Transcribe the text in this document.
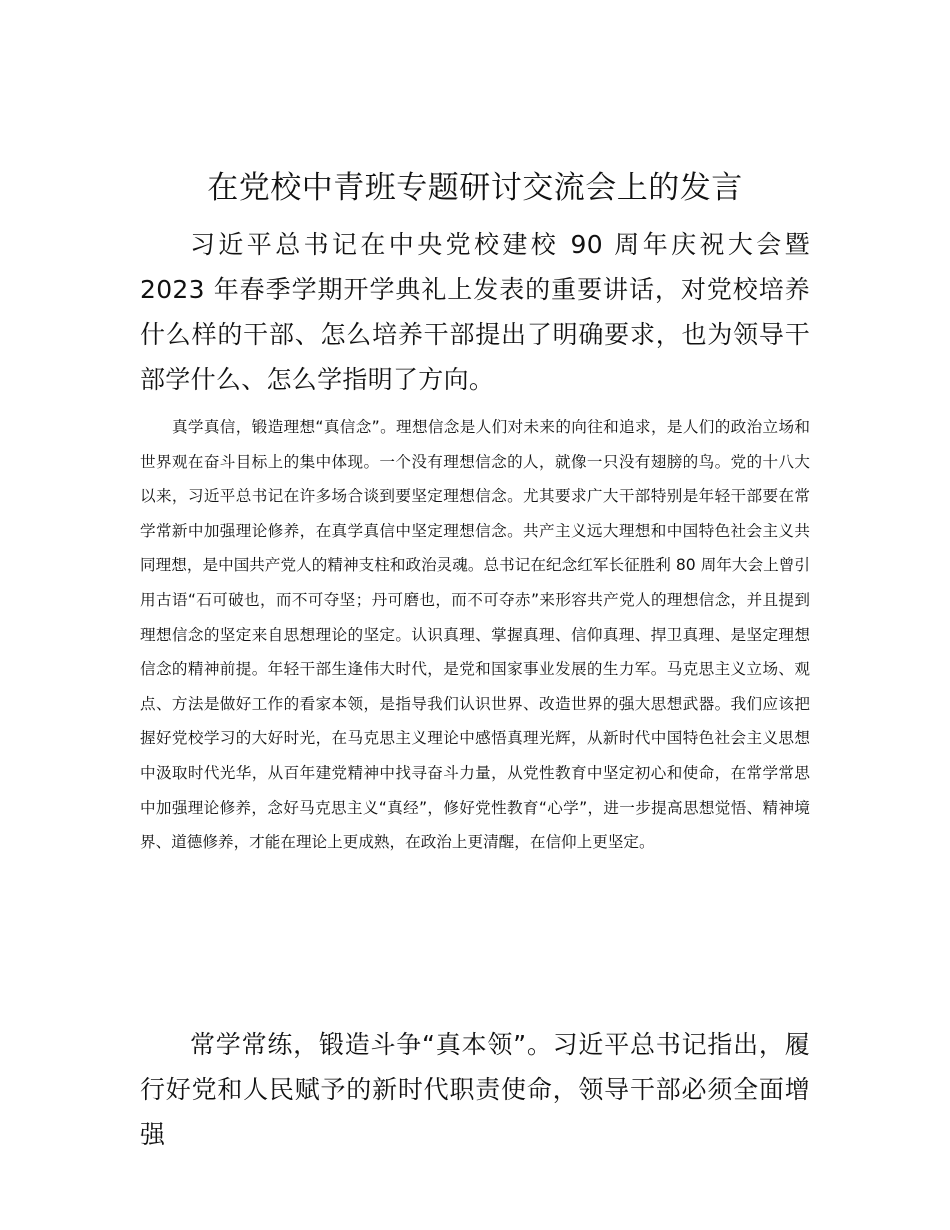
在党校中青班专题研讨交流会上的发言

习近平总书记在中央党校建校 90 周年庆祝大会暨 2023 年春季学期开学典礼上发表的重要讲话，对党校培养什么样的干部、怎么培养干部提出了明确要求，也为领导干部学什么、怎么学指明了方向。

真学真信，锻造理想“真信念”。理想信念是人们对未来的向往和追求，是人们的政治立场和世界观在奋斗目标上的集中体现。一个没有理想信念的人，就像一只没有翅膀的鸟。党的十八大以来，习近平总书记在许多场合谈到要坚定理想信念。尤其要求广大干部特别是年轻干部要在常学常新中加强理论修养，在真学真信中坚定理想信念。共产主义远大理想和中国特色社会主义共同理想，是中国共产党人的精神支柱和政治灵魂。总书记在纪念红军长征胜利 80 周年大会上曾引用古语“石可破也，而不可夺坚；丹可磨也，而不可夺赤”来形容共产党人的理想信念，并且提到理想信念的坚定来自思想理论的坚定。认识真理、掌握真理、信仰真理、捍卫真理、是坚定理想信念的精神前提。年轻干部生逢伟大时代，是党和国家事业发展的生力军。马克思主义立场、观点、方法是做好工作的看家本领，是指导我们认识世界、改造世界的强大思想武器。我们应该把握好党校学习的大好时光，在马克思主义理论中感悟真理光辉，从新时代中国特色社会主义思想中汲取时代光华，从百年建党精神中找寻奋斗力量，从党性教育中坚定初心和使命，在常学常思中加强理论修养，念好马克思主义“真经”，修好党性教育“心学”，进一步提高思想觉悟、精神境界、道德修养，才能在理论上更成熟，在政治上更清醒，在信仰上更坚定。

常学常练，锻造斗争“真本领”。习近平总书记指出，履行好党和人民赋予的新时代职责使命，领导干部必须全面增强
